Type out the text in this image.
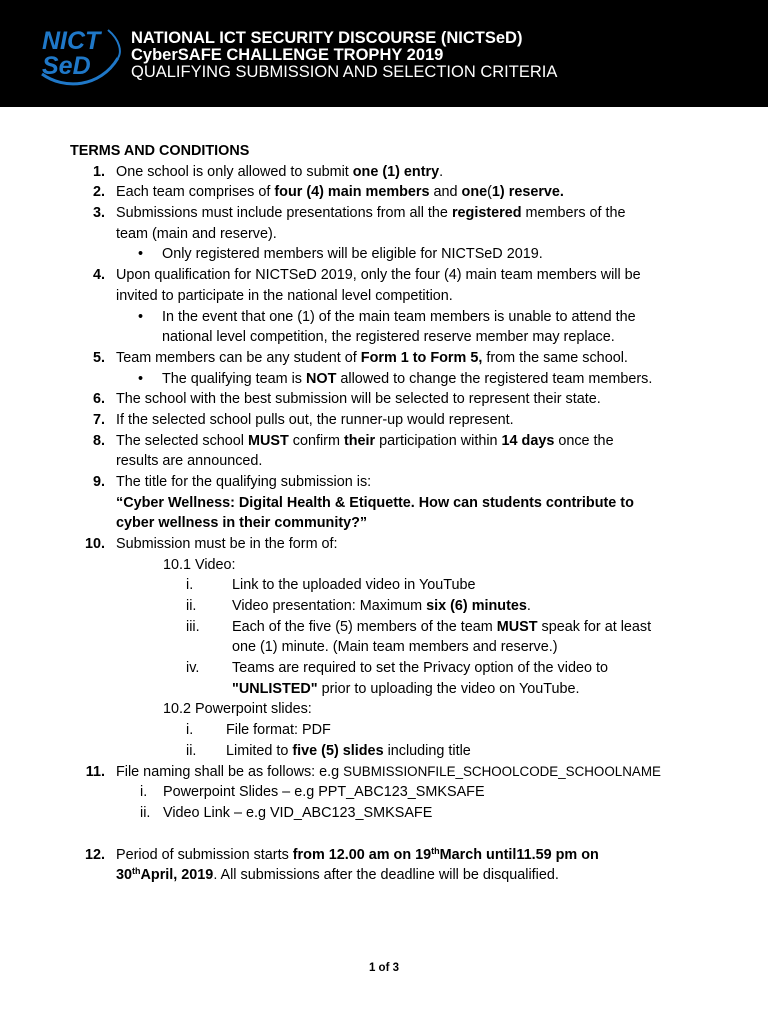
NICT
SeD
NATIONAL ICT SECURITY DISCOURSE (NICTSeD)
CyberSAFE CHALLENGE TROPHY 2019
QUALIFYING SUBMISSION AND SELECTION CRITERIA
TERMS AND CONDITIONS
1. One school is only allowed to submit one (1) entry.
2. Each team comprises of four (4) main members and one(1) reserve.
3. Submissions must include presentations from all the registered members of the
team (main and reserve).
• Only registered members will be eligible for NICTSeD 2019.
4. Upon qualification for NICTSeD 2019, only the four (4) main team members will be
invited to participate in the national level competition.
• In the event that one (1) of the main team members is unable to attend the
national level competition, the registered reserve member may replace.
5. Team members can be any student of Form 1 to Form 5, from the same school.
• The qualifying team is NOT allowed to change the registered team members.
6. The school with the best submission will be selected to represent their state.
7. If the selected school pulls out, the runner-up would represent.
8. The selected school MUST confirm their participation within 14 days once the
results are announced.
9. The title for the qualifying submission is:
“Cyber Wellness: Digital Health & Etiquette. How can students contribute to
cyber wellness in their community?”
10. Submission must be in the form of:
10.1 Video:
i.	Link to the uploaded video in YouTube
ii. Video presentation: Maximum six (6) minutes.
iii. Each of the five (5) members of the team MUST speak for at least
one (1) minute. (Main team members and reserve.)
iv. Teams are required to set the Privacy option of the video to
"UNLISTED" prior to uploading the video on YouTube.
10.2 Powerpoint slides:
i. File format: PDF
ii. Limited to five (5) slides including title
11. File naming shall be as follows: e.g SUBMISSIONFILE_SCHOOLCODE_SCHOOLNAME
i. Powerpoint Slides – e.g PPT_ABC123_SMKSAFE
ii. Video Link – e.g VID_ABC123_SMKSAFE
12. Period of submission starts from 12.00 am on 19thMarch until11.59 pm on
30thApril, 2019. All submissions after the deadline will be disqualified.
1 of 3
